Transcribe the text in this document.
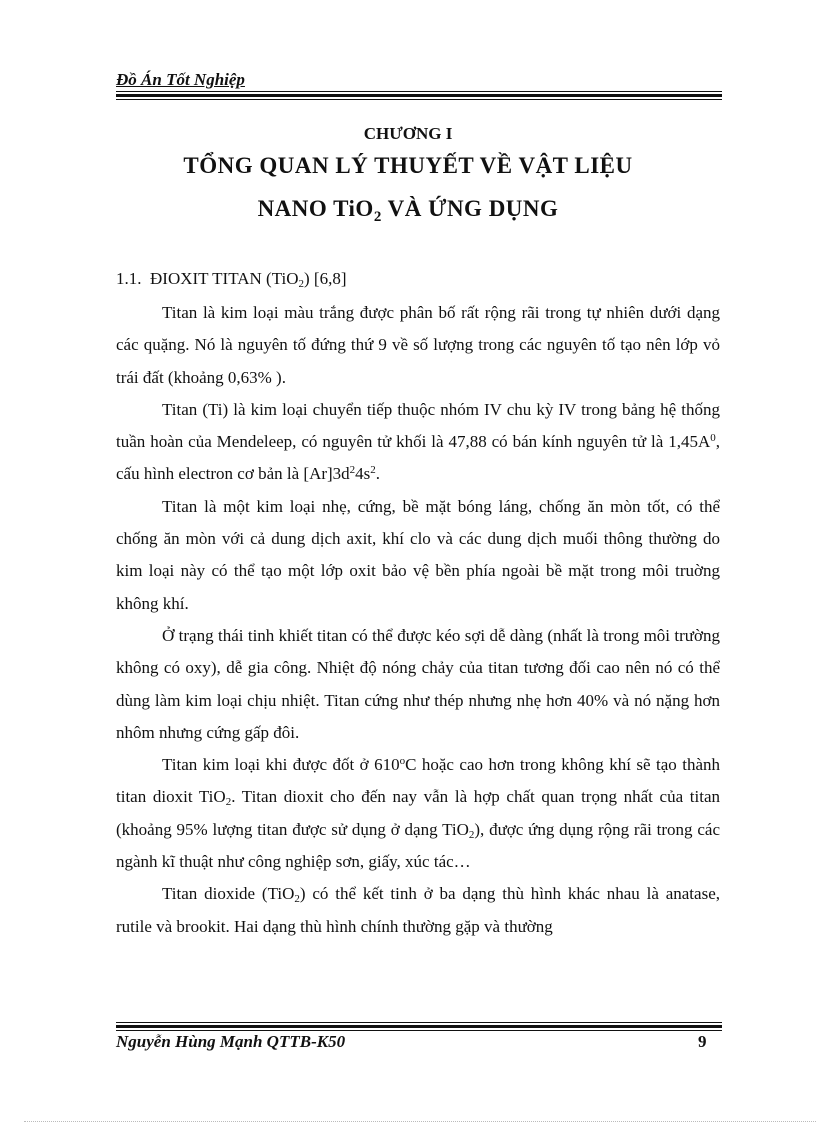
Đồ Án Tốt Nghiệp
CHƯƠNG I
TỔNG QUAN LÝ THUYẾT VỀ VẬT LIỆU
NANO TiO$_2$ VÀ ỨNG DỤNG
1.1. ĐIOXIT TITAN (TiO$_2$) [6,8]

Titan là kim loại màu trắng được phân bố rất rộng rãi trong tự nhiên dưới dạng các quặng. Nó là nguyên tố đứng thứ 9 về số lượng trong các nguyên tố tạo nên lớp vỏ trái đất (khoảng 0,63% ).

Titan (Ti) là kim loại chuyển tiếp thuộc nhóm IV chu kỳ IV trong bảng hệ thống tuần hoàn của Mendeleep, có nguyên tử khối là 47,88 có bán kính nguyên tử là $1,45A^0$, cấu hình electron cơ bản là $[Ar]3d^24s^2$.

Titan là một kim loại nhẹ, cứng, bề mặt bóng láng, chống ăn mòn tốt, có thể chống ăn mòn với cả dung dịch axit, khí clo và các dung dịch muối thông thường do kim loại này có thể tạo một lớp oxit bảo vệ bền phía ngoài bề mặt trong môi truờng không khí.

Ở trạng thái tinh khiết titan có thể được kéo sợi dễ dàng (nhất là trong môi trường không có oxy), dễ gia công. Nhiệt độ nóng chảy của titan tương đối cao nên nó có thể dùng làm kim loại chịu nhiệt. Titan cứng như thép nhưng nhẹ hơn 40% và nó nặng hơn nhôm nhưng cứng gấp đôi.

Titan kim loại khi được đốt ở 610$^o$C hoặc cao hơn trong không khí sẽ tạo thành titan dioxit TiO$_2$. Titan dioxit cho đến nay vẫn là hợp chất quan trọng nhất của titan (khoảng 95% lượng titan được sử dụng ở dạng TiO$_2$), được ứng dụng rộng rãi trong các ngành kĩ thuật như công nghiệp sơn, giấy, xúc tác…

Titan dioxide (TiO$_2$) có thể kết tinh ở ba dạng thù hình khác nhau là anatase, rutile và brookit. Hai dạng thù hình chính thường gặp và thường

Nguyễn Hùng Mạnh QTTB-K50	9
